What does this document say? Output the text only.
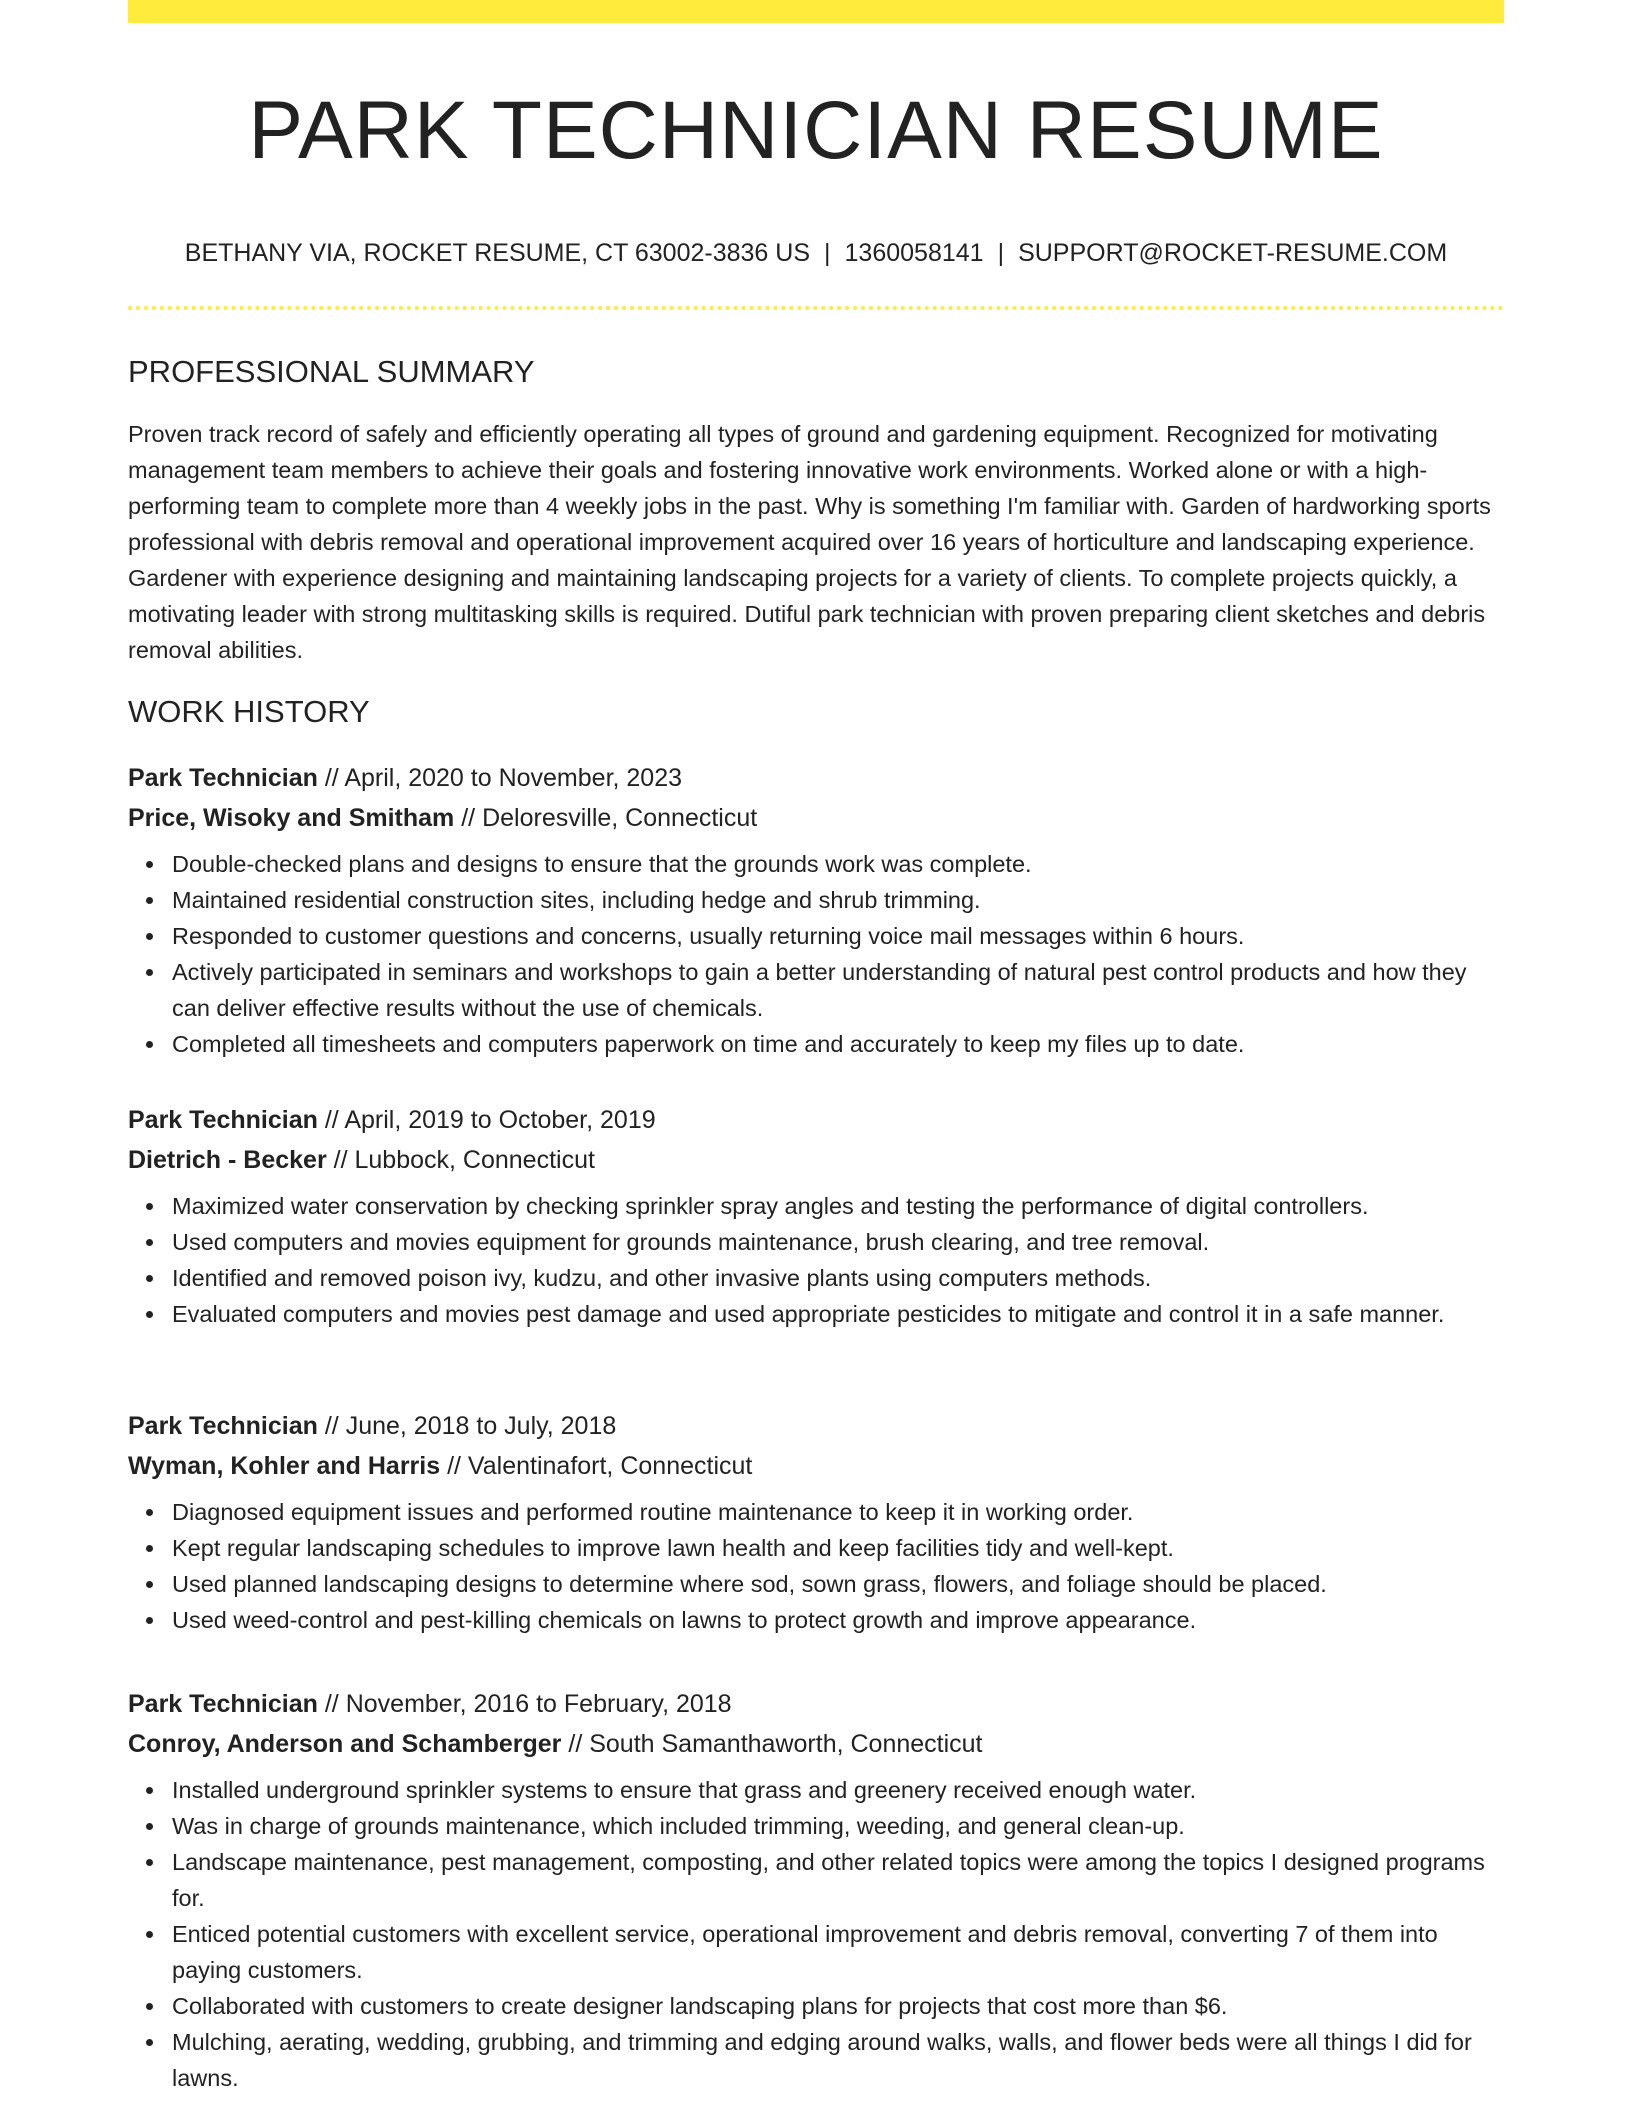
PARK TECHNICIAN RESUME
BETHANY VIA, ROCKET RESUME, CT 63002-3836 US | 1360058141 | SUPPORT@ROCKET-RESUME.COM
PROFESSIONAL SUMMARY

Proven track record of safely and efficiently operating all types of ground and gardening equipment. Recognized for motivating management team members to achieve their goals and fostering innovative work environments. Worked alone or with a high-performing team to complete more than 4 weekly jobs in the past. Why is something I'm familiar with. Garden of hardworking sports professional with debris removal and operational improvement acquired over 16 years of horticulture and landscaping experience. Gardener with experience designing and maintaining landscaping projects for a variety of clients. To complete projects quickly, a motivating leader with strong multitasking skills is required. Dutiful park technician with proven preparing client sketches and debris removal abilities.

WORK HISTORY

Park Technician // April, 2020 to November, 2023

Price, Wisoky and Smitham // Deloresville, Connecticut

Double-checked plans and designs to ensure that the grounds work was complete.
Maintained residential construction sites, including hedge and shrub trimming.
Responded to customer questions and concerns, usually returning voice mail messages within 6 hours.
Actively participated in seminars and workshops to gain a better understanding of natural pest control products and how they can deliver effective results without the use of chemicals.
Completed all timesheets and computers paperwork on time and accurately to keep my files up to date.

Park Technician // April, 2019 to October, 2019

Dietrich - Becker // Lubbock, Connecticut

Maximized water conservation by checking sprinkler spray angles and testing the performance of digital controllers.
Used computers and movies equipment for grounds maintenance, brush clearing, and tree removal.
Identified and removed poison ivy, kudzu, and other invasive plants using computers methods.
Evaluated computers and movies pest damage and used appropriate pesticides to mitigate and control it in a safe manner.

Park Technician // June, 2018 to July, 2018

Wyman, Kohler and Harris // Valentinafort, Connecticut

Diagnosed equipment issues and performed routine maintenance to keep it in working order.
Kept regular landscaping schedules to improve lawn health and keep facilities tidy and well-kept.
Used planned landscaping designs to determine where sod, sown grass, flowers, and foliage should be placed.
Used weed-control and pest-killing chemicals on lawns to protect growth and improve appearance.

Park Technician // November, 2016 to February, 2018

Conroy, Anderson and Schamberger // South Samanthaworth, Connecticut

Installed underground sprinkler systems to ensure that grass and greenery received enough water.
Was in charge of grounds maintenance, which included trimming, weeding, and general clean-up.
Landscape maintenance, pest management, composting, and other related topics were among the topics I designed programs for.
Enticed potential customers with excellent service, operational improvement and debris removal, converting 7 of them into paying customers.
Collaborated with customers to create designer landscaping plans for projects that cost more than $6.
Mulching, aerating, wedding, grubbing, and trimming and edging around walks, walls, and flower beds were all things I did for lawns.
